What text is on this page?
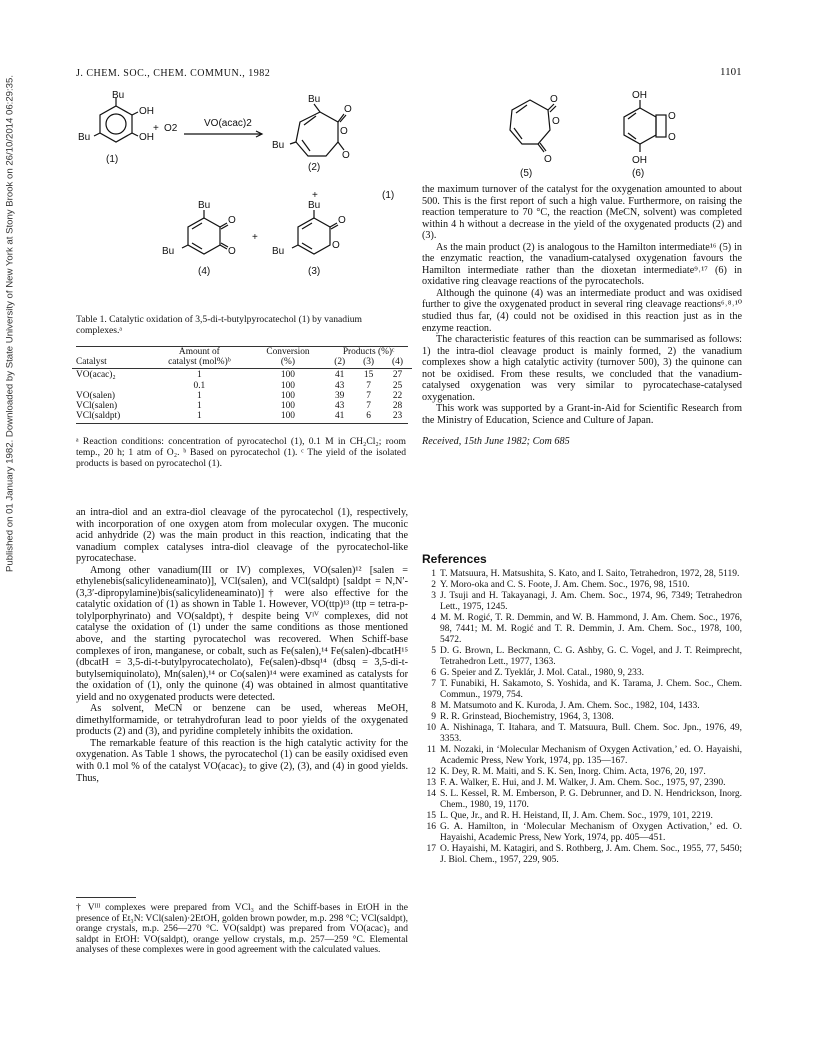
Published on 01 January 1982. Downloaded by State University of New York at Stony Brook on 26/10/2014 06:29:35.
J. CHEM. SOC., CHEM. COMMUN., 1982	1101
Bu
OH
OH
Bu
(1)
+ O2	VO(acac)2
Bu
O
O
O
Bu
(2)
+	(1)
Bu
O
O
Bu
(4)
+
Bu
O
O
Bu
(3)
O
O
O
(5)
OH
O
O
OH
(6)
Table 1. Catalytic oxidation of 3,5-di-t-butylpyrocatechol (1) by vanadium complexes.ᵃ
	Amount of	Conversion	Products (%)ᶜ		
Catalyst	catalyst (mol%)ᵇ	(%)	(2)	(3)	(4)

VO(acac)₂	1	100	41	15	27
	0.1	100	43	7	25
VO(salen)	1	100	39	7	22
VCl(salen)	1	100	43	7	28
VCl(saldpt)	1	100	41	6	23
ᵃ Reaction conditions: concentration of pyrocatechol (1), 0.1 M in CH₂Cl₂; room temp., 20 h; 1 atm of O₂. ᵇ Based on pyrocatechol (1). ᶜ The yield of the isolated products is based on pyrocatechol (1).
an intra-diol and an extra-diol cleavage of the pyrocatechol (1), respectively, with incorporation of one oxygen atom from molecular oxygen. The muconic acid anhydride (2) was the main product in this reaction, indicating that the vanadium complex catalyses intra-diol cleavage of the pyrocatechol-like pyrocatechase.
Among other vanadium(III or IV) complexes, VO(salen)¹² [salen = ethylenebis(salicylideneaminato)], VCl(salen), and VCl(saldpt) [saldpt = N,N′-(3,3′-dipropylamine)bis(salicylideneaminato)]† were also effective for the catalytic oxidation of (1) as shown in Table 1. However, VO(ttp)¹³ (ttp = tetra-p-tolylporphyrinato) and VO(saldpt),† despite being Vᴵⱽ complexes, did not catalyse the oxidation of (1) under the same conditions as those mentioned above, and the starting pyrocatechol was recovered. When Schiff-base complexes of iron, manganese, or cobalt, such as Fe(salen),¹⁴ Fe(salen)-dbcatH¹⁵ (dbcatH = 3,5-di-t-butylpyrocatecholato), Fe(salen)-dbsq¹⁴ (dbsq = 3,5-di-t-butylsemiquinolato), Mn(salen),¹⁴ or Co(salen)¹⁴ were examined as catalysts for the oxidation of (1), only the quinone (4) was obtained in almost quantitative yield and no oxygenated products were detected.
As solvent, MeCN or benzene can be used, whereas MeOH, dimethylformamide, or tetrahydrofuran lead to poor yields of the oxygenated products (2) and (3), and pyridine completely inhibits the oxidation.
The remarkable feature of this reaction is the high catalytic activity for the oxygenation. As Table 1 shows, the pyrocatechol (1) can be easily oxidised even with 0.1 mol % of the catalyst VO(acac)₂ to give (2), (3), and (4) in good yields. Thus,
† Vᴵᴵᴵ complexes were prepared from VCl₃ and the Schiff-bases in EtOH in the presence of Et₃N: VCl(salen)·2EtOH, golden brown powder, m.p. 298 °C; VCl(saldpt), orange crystals, m.p. 256—270 °C. VO(saldpt) was prepared from VO(acac)₂ and saldpt in EtOH: VO(saldpt), orange yellow crystals, m.p. 257—259 °C. Elemental analyses of these complexes were in good agreement with the calculated values.
the maximum turnover of the catalyst for the oxygenation amounted to about 500. This is the first report of such a high value. Furthermore, on raising the reaction temperature to 70 °C, the reaction (MeCN, solvent) was completed within 4 h without a decrease in the yield of the oxygenated products (2) and (3).
As the main product (2) is analogous to the Hamilton intermediate¹⁶ (5) in the enzymatic reaction, the vanadium-catalysed oxygenation favours the Hamilton intermediate rather than the dioxetan intermediate⁹˒¹⁷ (6) in oxidative ring cleavage reactions of the pyrocatechols.
Although the quinone (4) was an intermediate product and was oxidised further to give the oxygenated product in several ring cleavage reactions⁶˒⁸˒¹⁰ studied thus far, (4) could not be oxidised in this reaction just as in the enzyme reaction.
The characteristic features of this reaction can be summarised as follows: 1) the intra-diol cleavage product is mainly formed, 2) the vanadium complexes show a high catalytic activity (turnover 500), 3) the quinone can not be oxidised. From these results, we concluded that the vanadium-catalysed oxygenation was very similar to pyrocatechase-catalysed oxygenation.
This work was supported by a Grant-in-Aid for Scientific Research from the Ministry of Education, Science and Culture of Japan.
Received, 15th June 1982; Com 685
References
1 T. Matsuura, H. Matsushita, S. Kato, and I. Saito, Tetrahedron, 1972, 28, 5119.
2 Y. Moro-oka and C. S. Foote, J. Am. Chem. Soc., 1976, 98, 1510.
3 J. Tsuji and H. Takayanagi, J. Am. Chem. Soc., 1974, 96, 7349; Tetrahedron Lett., 1975, 1245.
4 M. M. Rogić, T. R. Demmin, and W. B. Hammond, J. Am. Chem. Soc., 1976, 98, 7441; M. M. Rogić and T. R. Demmin, J. Am. Chem. Soc., 1978, 100, 5472.
5 D. G. Brown, L. Beckmann, C. G. Ashby, G. C. Vogel, and J. T. Reimprecht, Tetrahedron Lett., 1977, 1363.
6 G. Speier and Z. Tyeklár, J. Mol. Catal., 1980, 9, 233.
7 T. Funabiki, H. Sakamoto, S. Yoshida, and K. Tarama, J. Chem. Soc., Chem. Commun., 1979, 754.
8 M. Matsumoto and K. Kuroda, J. Am. Chem. Soc., 1982, 104, 1433.
9 R. R. Grinstead, Biochemistry, 1964, 3, 1308.
10 A. Nishinaga, T. Itahara, and T. Matsuura, Bull. Chem. Soc. Jpn., 1976, 49, 3353.
11 M. Nozaki, in ‘Molecular Mechanism of Oxygen Activation,’ ed. O. Hayaishi, Academic Press, New York, 1974, pp. 135—167.
12 K. Dey, R. M. Maiti, and S. K. Sen, Inorg. Chim. Acta, 1976, 20, 197.
13 F. A. Walker, E. Hui, and J. M. Walker, J. Am. Chem. Soc., 1975, 97, 2390.
14 S. L. Kessel, R. M. Emberson, P. G. Debrunner, and D. N. Hendrickson, Inorg. Chem., 1980, 19, 1170.
15 L. Que, Jr., and R. H. Heistand, II, J. Am. Chem. Soc., 1979, 101, 2219.
16 G. A. Hamilton, in ‘Molecular Mechanism of Oxygen Activation,’ ed. O. Hayaishi, Academic Press, New York, 1974, pp. 405—451.
17 O. Hayaishi, M. Katagiri, and S. Rothberg, J. Am. Chem. Soc., 1955, 77, 5450; J. Biol. Chem., 1957, 229, 905.
